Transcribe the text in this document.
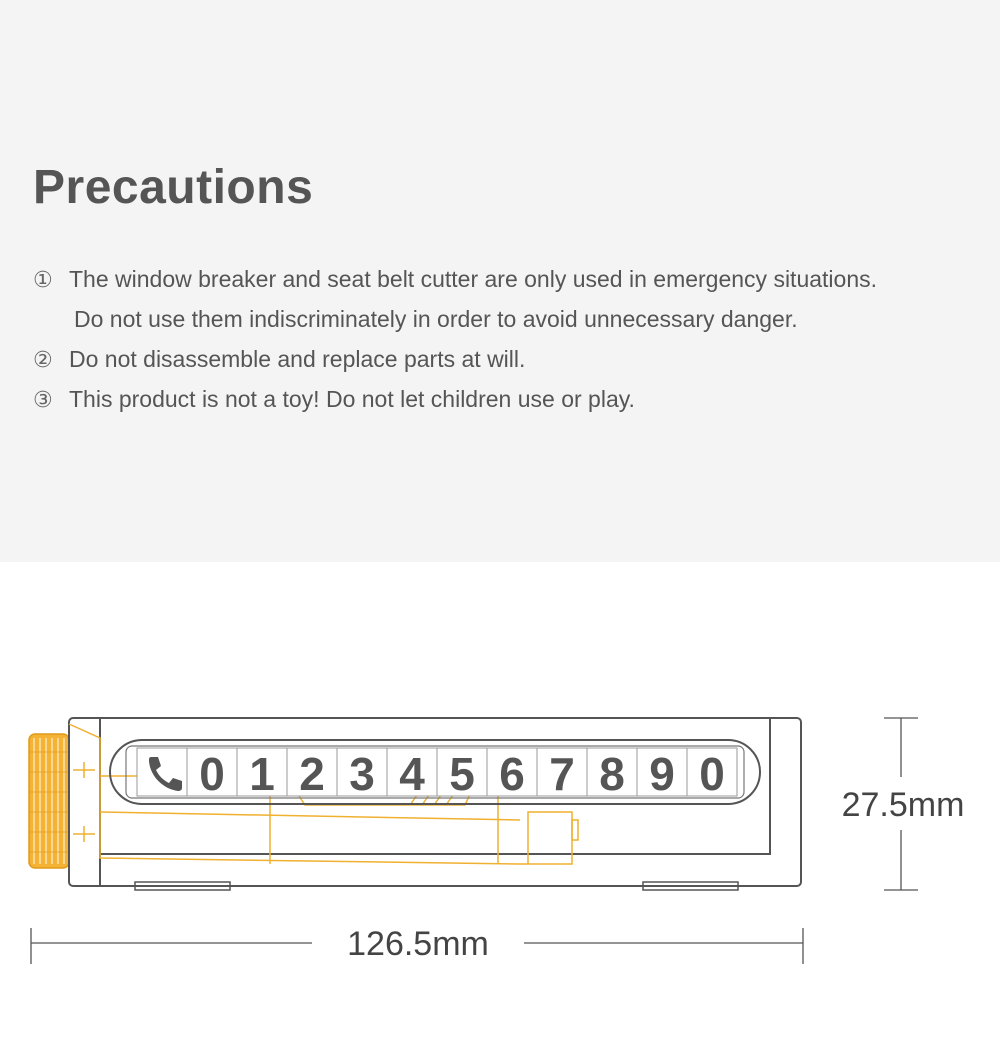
Precautions
① The window breaker and seat belt cutter are only used in emergency situations.
Do not use them indiscriminately in order to avoid unnecessary danger.
② Do not disassemble and replace parts at will.
③ This product is not a toy! Do not let children use or play.
0 1 2 3 4 5 6 7 8 9 0
126.5mm
27.5mm
